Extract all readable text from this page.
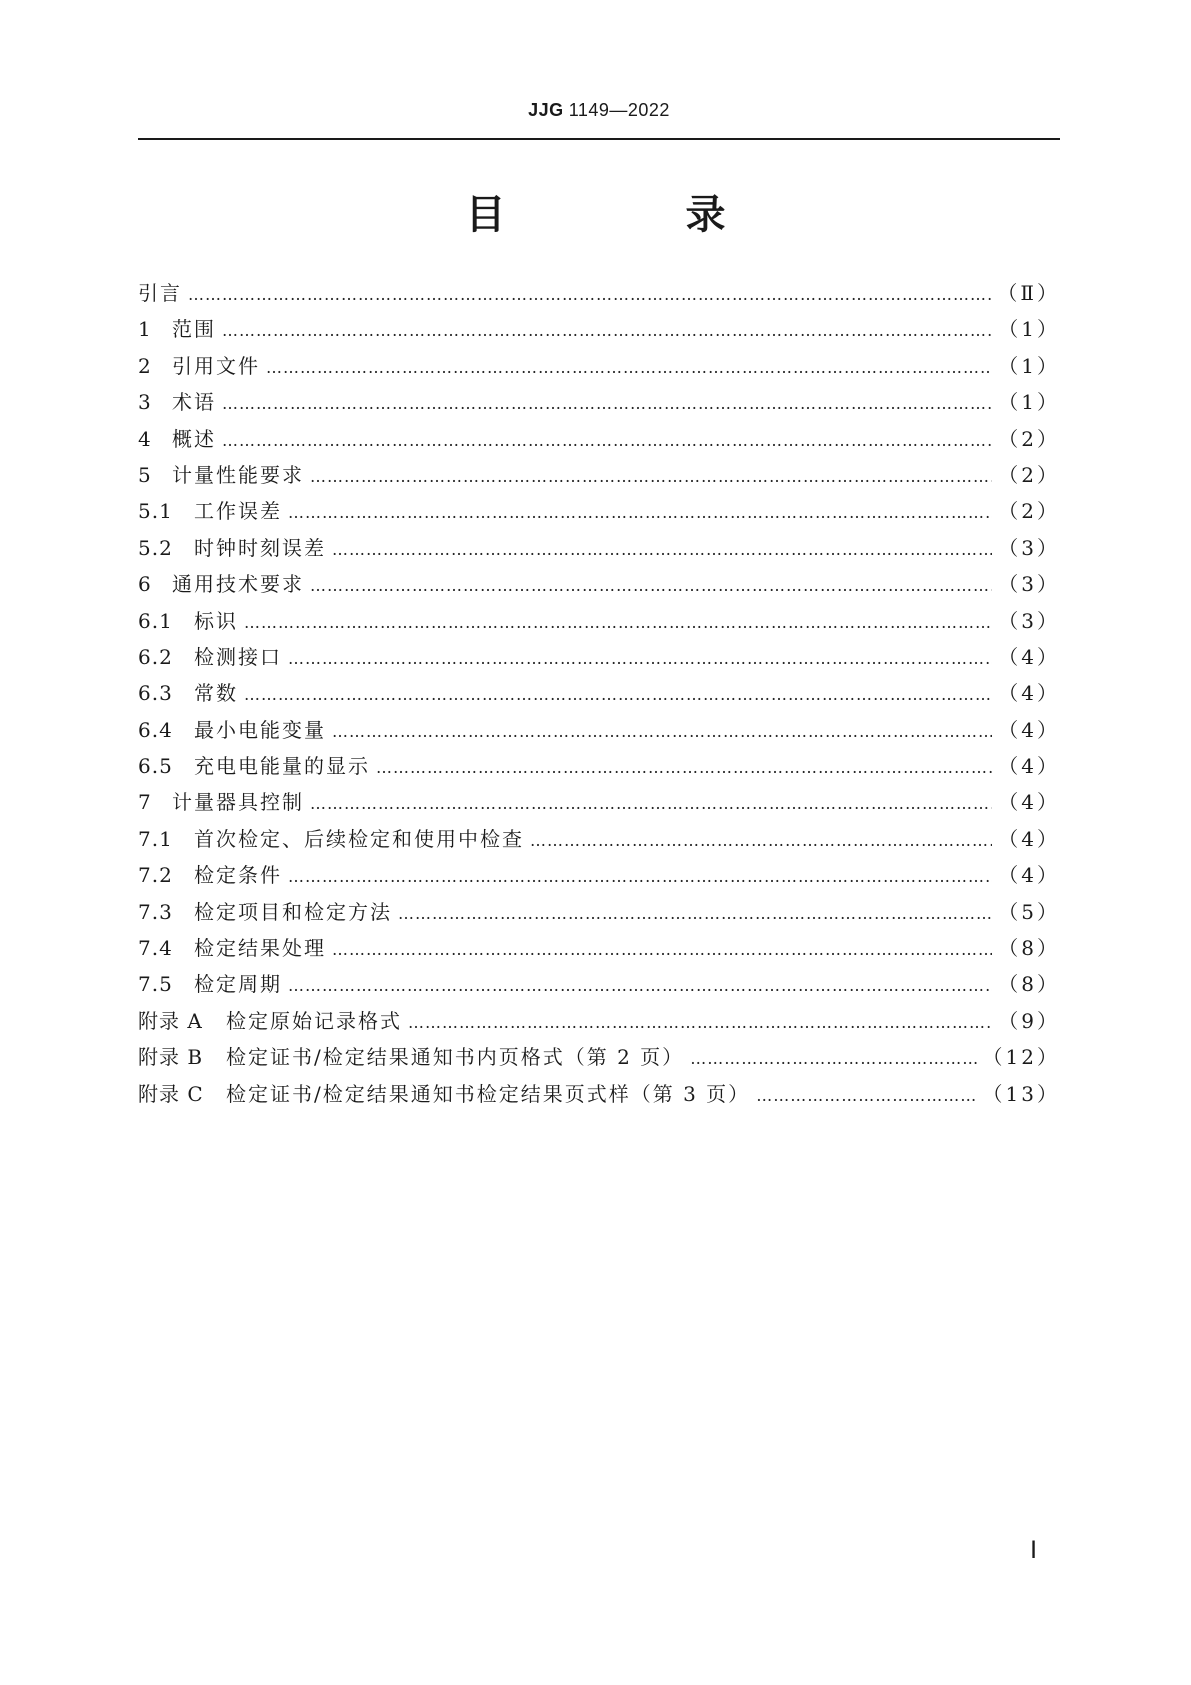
JJG 1149—2022
目　录
引言 …………………………………………………………………………………………………………………………………………………………………………………………………………………………………………………………	（Ⅱ）
1	范围 …………………………………………………………………………………………………………………………………………………………………………………………………………………………………………………………	（1）
2	引用文件 …………………………………………………………………………………………………………………………………………………………………………………………………………………………………………………………	（1）
3	术语 …………………………………………………………………………………………………………………………………………………………………………………………………………………………………………………………	（1）
4	概述 …………………………………………………………………………………………………………………………………………………………………………………………………………………………………………………………	（2）
5	计量性能要求 …………………………………………………………………………………………………………………………………………………………………………………………………………………………………………………………	（2）
5.1	工作误差 …………………………………………………………………………………………………………………………………………………………………………………………………………………………………………………………	（2）
5.2	时钟时刻误差 …………………………………………………………………………………………………………………………………………………………………………………………………………………………………………………………	（3）
6	通用技术要求 …………………………………………………………………………………………………………………………………………………………………………………………………………………………………………………………	（3）
6.1	标识 …………………………………………………………………………………………………………………………………………………………………………………………………………………………………………………………	（3）
6.2	检测接口 …………………………………………………………………………………………………………………………………………………………………………………………………………………………………………………………	（4）
6.3	常数 …………………………………………………………………………………………………………………………………………………………………………………………………………………………………………………………	（4）
6.4	最小电能变量 …………………………………………………………………………………………………………………………………………………………………………………………………………………………………………………………	（4）
6.5	充电电能量的显示 …………………………………………………………………………………………………………………………………………………………………………………………………………………………………………………………	（4）
7	计量器具控制 …………………………………………………………………………………………………………………………………………………………………………………………………………………………………………………………	（4）
7.1	首次检定、后续检定和使用中检查 …………………………………………………………………………………………………………………………………………………………………………………………………………………………………………………………	（4）
7.2	检定条件 …………………………………………………………………………………………………………………………………………………………………………………………………………………………………………………………	（4）
7.3	检定项目和检定方法 …………………………………………………………………………………………………………………………………………………………………………………………………………………………………………………………	（5）
7.4	检定结果处理 …………………………………………………………………………………………………………………………………………………………………………………………………………………………………………………………	（8）
7.5	检定周期 …………………………………………………………………………………………………………………………………………………………………………………………………………………………………………………………	（8）
附录 A	检定原始记录格式 …………………………………………………………………………………………………………………………………………………………………………………………………………………………………………………………	（9）
附录 B	检定证书/检定结果通知书内页格式（第 2 页） …………………………………………………………………………………………………………………………………………………………………………………………………………………………………………………………	（12）
附录 C	检定证书/检定结果通知书检定结果页式样（第 3 页） …………………………………………………………………………………………………………………………………………………………………………………………………………………………………………………………	（13）
Ⅰ
